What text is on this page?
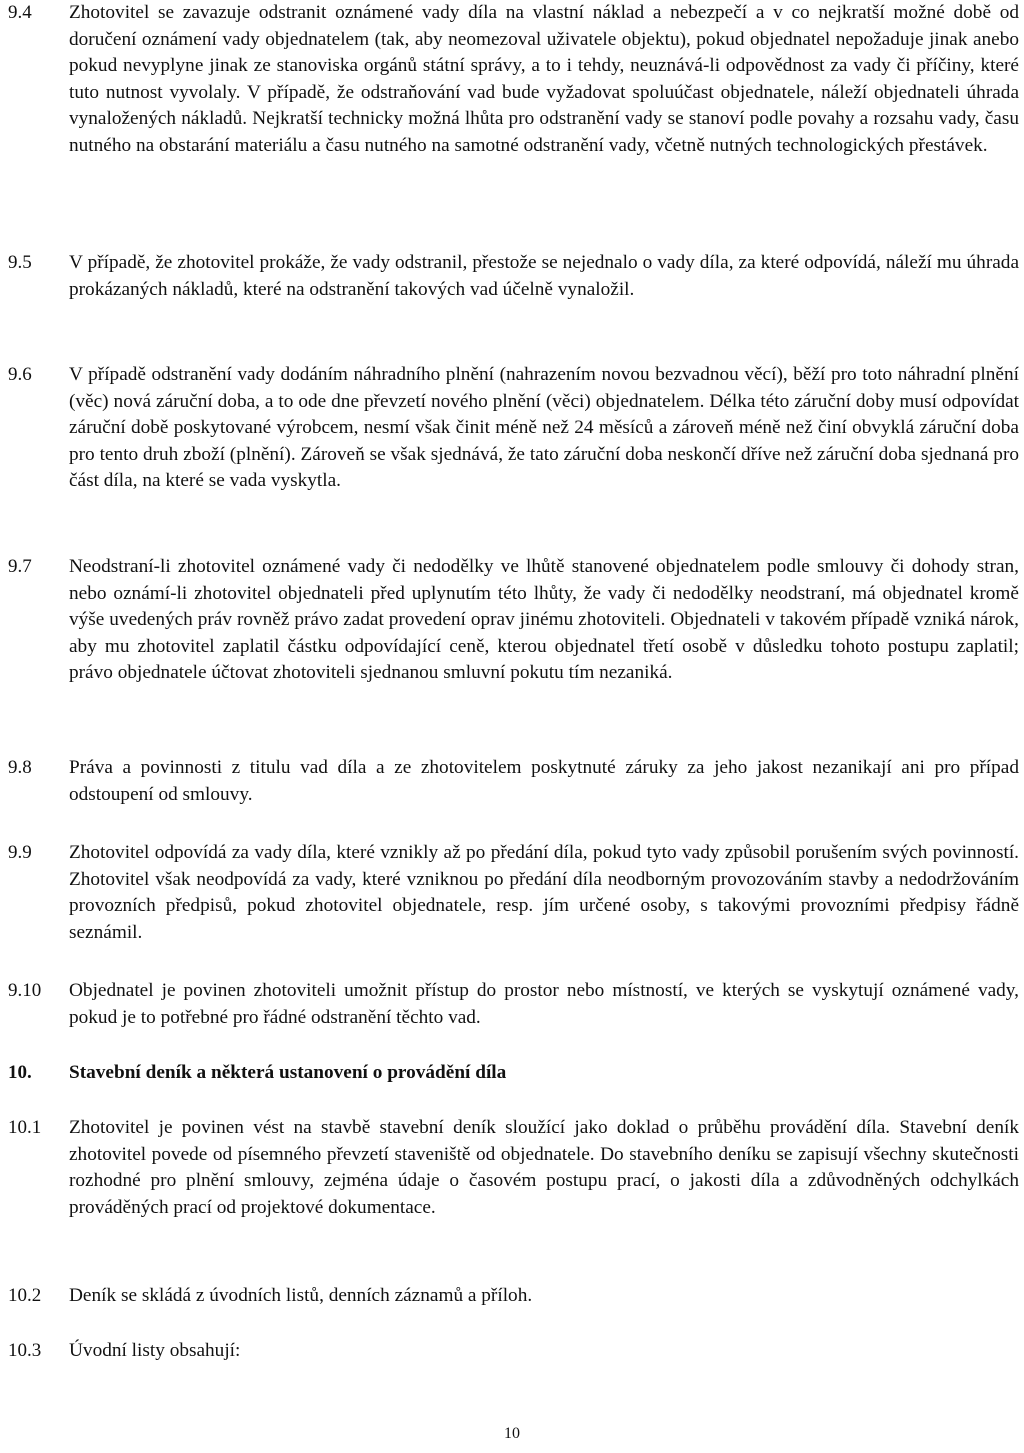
9.4 Zhotovitel se zavazuje odstranit oznámené vady díla na vlastní náklad a nebezpečí a v co nejkratší možné době od doručení oznámení vady objednatelem (tak, aby neomezoval uživatele objektu), pokud objednatel nepožaduje jinak anebo pokud nevyplyne jinak ze stanoviska orgánů státní správy, a to i tehdy, neuznává-li odpovědnost za vady či příčiny, které tuto nutnost vyvolaly. V případě, že odstraňování vad bude vyžadovat spoluúčast objednatele, náleží objednateli úhrada vynaložených nákladů. Nejkratší technicky možná lhůta pro odstranění vady se stanoví podle povahy a rozsahu vady, času nutného na obstarání materiálu a času nutného na samotné odstranění vady, včetně nutných technologických přestávek.
9.5 V případě, že zhotovitel prokáže, že vady odstranil, přestože se nejednalo o vady díla, za které odpovídá, náleží mu úhrada prokázaných nákladů, které na odstranění takových vad účelně vynaložil.
9.6 V případě odstranění vady dodáním náhradního plnění (nahrazením novou bezvadnou věcí), běží pro toto náhradní plnění (věc) nová záruční doba, a to ode dne převzetí nového plnění (věci) objednatelem. Délka této záruční doby musí odpovídat záruční době poskytované výrobcem, nesmí však činit méně než 24 měsíců a zároveň méně než činí obvyklá záruční doba pro tento druh zboží (plnění). Zároveň se však sjednává, že tato záruční doba neskončí dříve než záruční doba sjednaná pro část díla, na které se vada vyskytla.
9.7 Neodstraní-li zhotovitel oznámené vady či nedodělky ve lhůtě stanovené objednatelem podle smlouvy či dohody stran, nebo oznámí-li zhotovitel objednateli před uplynutím této lhůty, že vady či nedodělky neodstraní, má objednatel kromě výše uvedených práv rovněž právo zadat provedení oprav jinému zhotoviteli. Objednateli v takovém případě vzniká nárok, aby mu zhotovitel zaplatil částku odpovídající ceně, kterou objednatel třetí osobě v důsledku tohoto postupu zaplatil; právo objednatele účtovat zhotoviteli sjednanou smluvní pokutu tím nezaniká.
9.8 Práva a povinnosti z titulu vad díla a ze zhotovitelem poskytnuté záruky za jeho jakost nezanikají ani pro případ odstoupení od smlouvy.
9.9 Zhotovitel odpovídá za vady díla, které vznikly až po předání díla, pokud tyto vady způsobil porušením svých povinností. Zhotovitel však neodpovídá za vady, které vzniknou po předání díla neodborným provozováním stavby a nedodržováním provozních předpisů, pokud zhotovitel objednatele, resp. jím určené osoby, s takovými provozními předpisy řádně seznámil.
9.10 Objednatel je povinen zhotoviteli umožnit přístup do prostor nebo místností, ve kterých se vyskytují oznámené vady, pokud je to potřebné pro řádné odstranění těchto vad.
10. Stavební deník a některá ustanovení o provádění díla
10.1 Zhotovitel je povinen vést na stavbě stavební deník sloužící jako doklad o průběhu provádění díla. Stavební deník zhotovitel povede od písemného převzetí staveniště od objednatele. Do stavebního deníku se zapisují všechny skutečnosti rozhodné pro plnění smlouvy, zejména údaje o časovém postupu prací, o jakosti díla a zdůvodněných odchylkách prováděných prací od projektové dokumentace.
10.2 Deník se skládá z úvodních listů, denních záznamů a příloh.
10.3 Úvodní listy obsahují:
10
